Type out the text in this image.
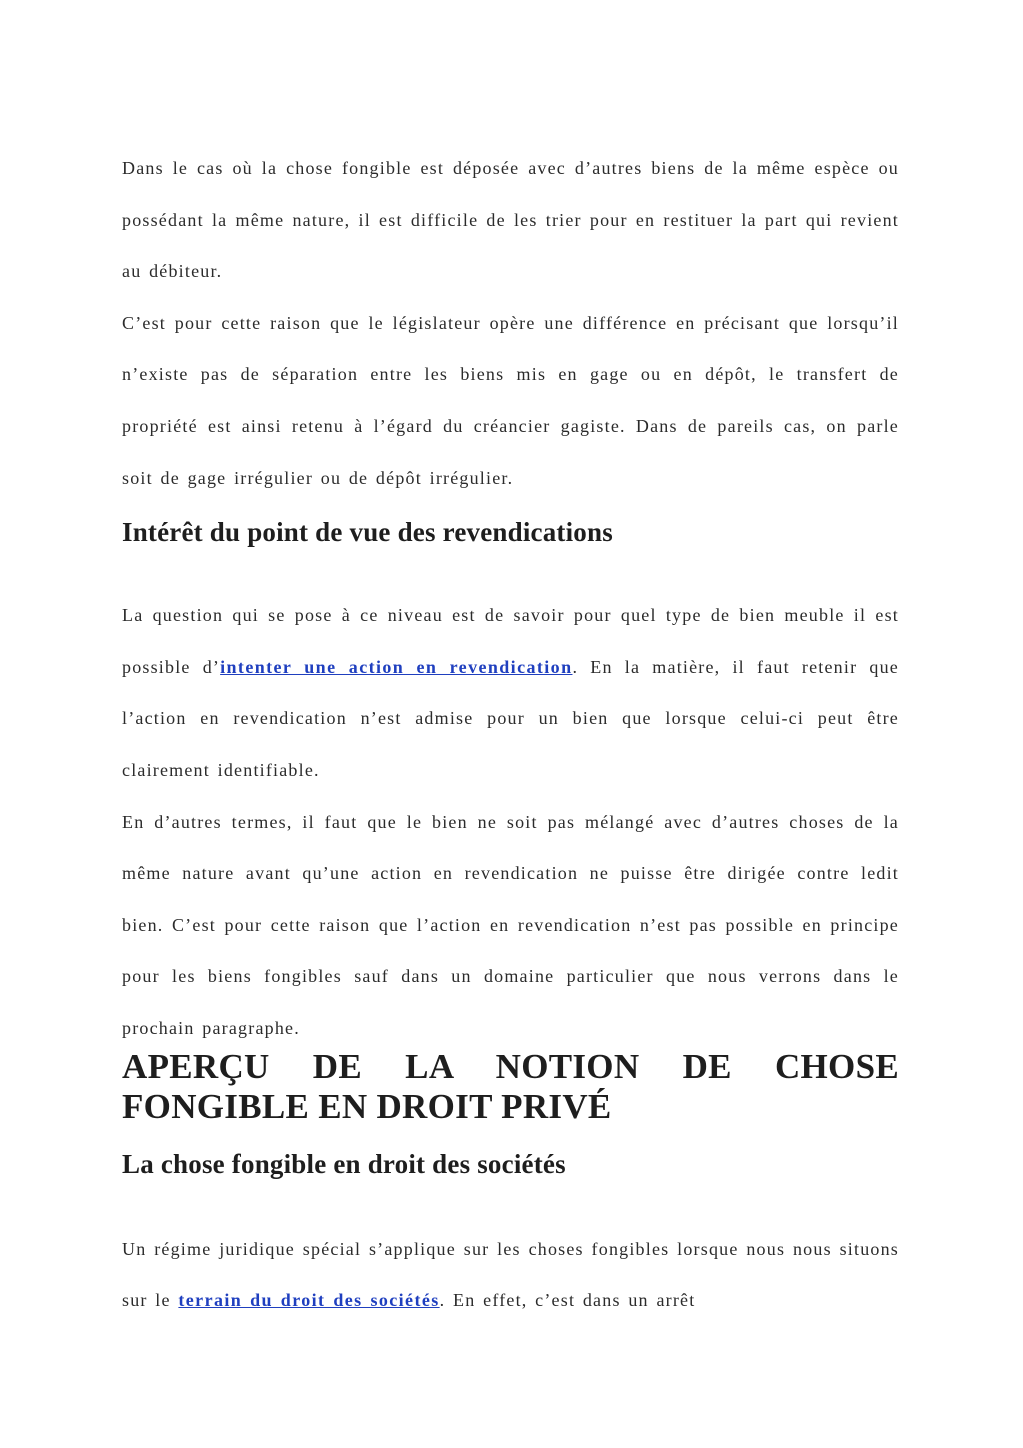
Dans le cas où la chose fongible est déposée avec d’autres biens de la même espèce ou possédant la même nature, il est difficile de les trier pour en restituer la part qui revient au débiteur.

C’est pour cette raison que le législateur opère une différence en précisant que lorsqu’il n’existe pas de séparation entre les biens mis en gage ou en dépôt, le transfert de propriété est ainsi retenu à l’égard du créancier gagiste. Dans de pareils cas, on parle soit de gage irrégulier ou de dépôt irrégulier.

Intérêt du point de vue des revendications

La question qui se pose à ce niveau est de savoir pour quel type de bien meuble il est possible d’intenter une action en revendication. En la matière, il faut retenir que l’action en revendication n’est admise pour un bien que lorsque celui-ci peut être clairement identifiable.

En d’autres termes, il faut que le bien ne soit pas mélangé avec d’autres choses de la même nature avant qu’une action en revendication ne puisse être dirigée contre ledit bien. C’est pour cette raison que l’action en revendication n’est pas possible en principe pour les biens fongibles sauf dans un domaine particulier que nous verrons dans le prochain paragraphe.

APERÇU DE LA NOTION DE CHOSE FONGIBLE EN DROIT PRIVÉ
La chose fongible en droit des sociétés

Un régime juridique spécial s’applique sur les choses fongibles lorsque nous nous situons sur le terrain du droit des sociétés. En effet, c’est dans un arrêt
